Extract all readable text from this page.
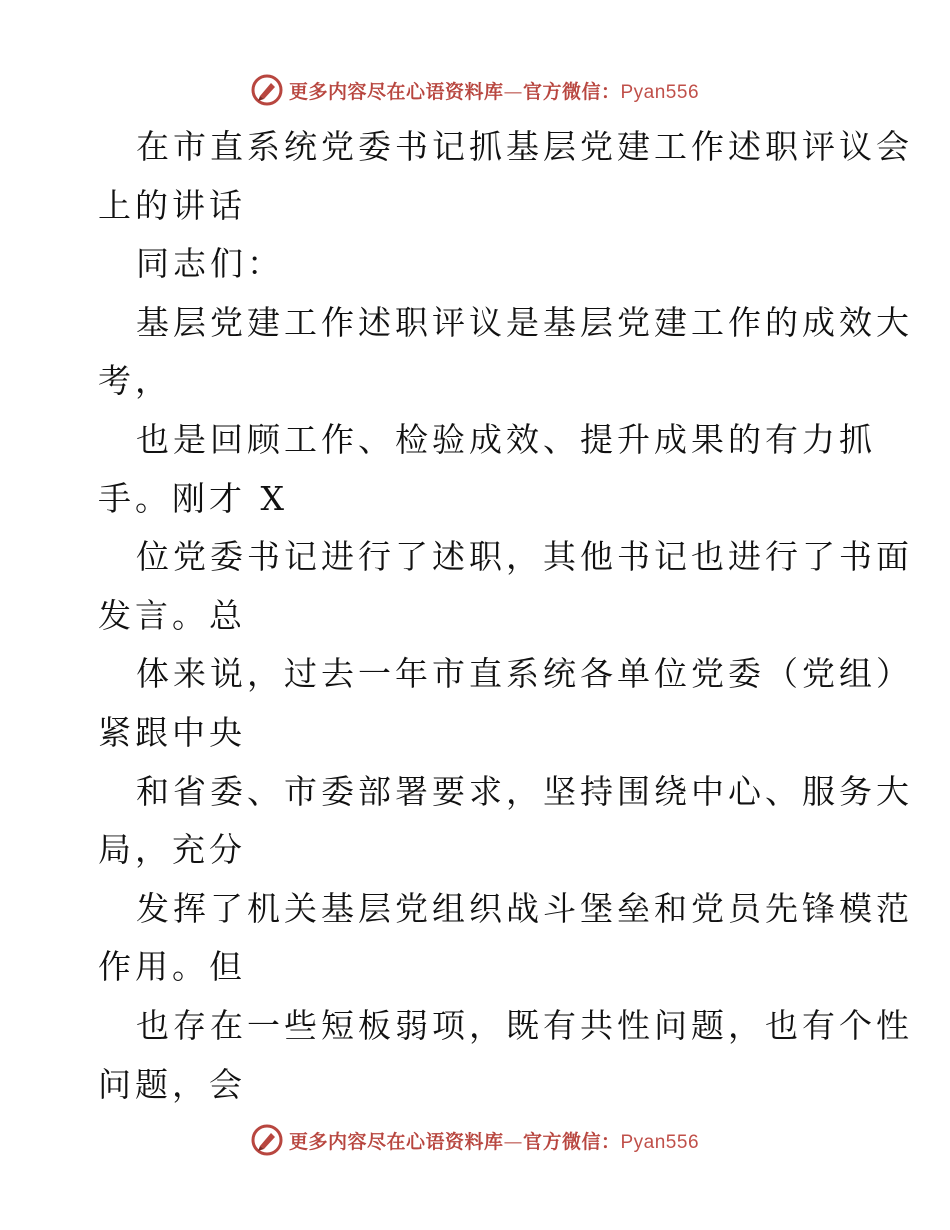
更多内容尽在心语资料库—官方微信：Pyan556
在市直系统党委书记抓基层党建工作述职评议会
上的讲话
同志们：
基层党建工作述职评议是基层党建工作的成效大
考，
也是回顾工作、检验成效、提升成果的有力抓
手。刚才 X
位党委书记进行了述职，其他书记也进行了书面
发言。总
体来说，过去一年市直系统各单位党委（党组）
紧跟中央
和省委、市委部署要求，坚持围绕中心、服务大
局，充分
发挥了机关基层党组织战斗堡垒和党员先锋模范
作用。但
也存在一些短板弱项，既有共性问题，也有个性
问题，会
更多内容尽在心语资料库—官方微信：Pyan556
